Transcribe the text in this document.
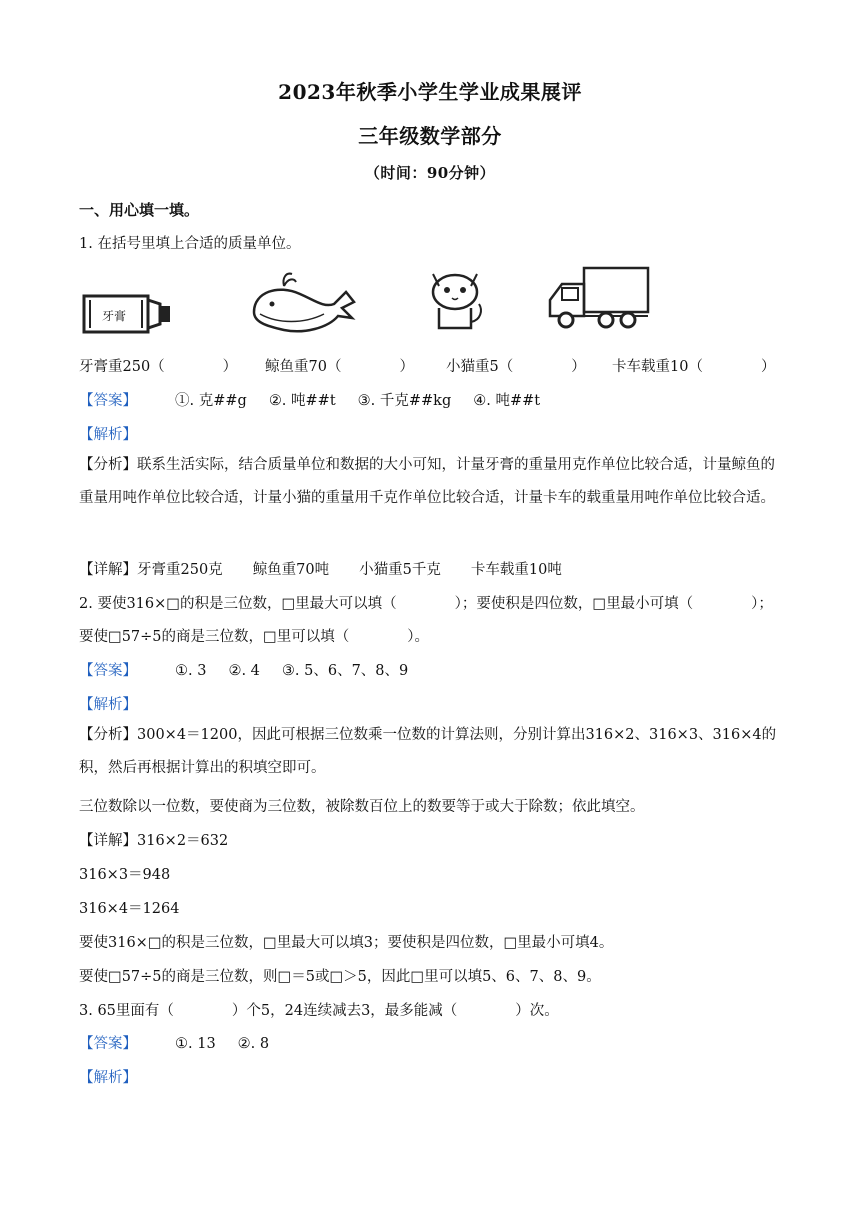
2023年秋季小学生学业成果展评
三年级数学部分
（时间：90分钟）
一、用心填一填。
1. 在括号里填上合适的质量单位。
牙膏
牙膏重250（　　　　） 鲸鱼重70（　　　　） 小猫重5（　　　　） 卡车载重10（　　　　）
【答案】	①. 克##g ②. 吨##t ③. 千克##kg ④. 吨##t
【解析】
【分析】联系生活实际，结合质量单位和数据的大小可知，计量牙膏的重量用克作单位比较合适，计量鲸鱼的重量用吨作单位比较合适，计量小猫的重量用千克作单位比较合适，计量卡车的载重量用吨作单位比较合适。
【详解】牙膏重250克 鲸鱼重70吨 小猫重5千克 卡车载重10吨
2. 要使316×□的积是三位数，□里最大可以填（　　　　）；要使积是四位数，□里最小可填（　　　　）；
要使□57÷5的商是三位数，□里可以填（　　　　）。
【答案】	①. 3 ②. 4 ③. 5、6、7、8、9
【解析】
【分析】300×4＝1200，因此可根据三位数乘一位数的计算法则，分别计算出316×2、316×3、316×4的积，然后再根据计算出的积填空即可。
三位数除以一位数，要使商为三位数，被除数百位上的数要等于或大于除数；依此填空。
【详解】316×2＝632
316×3＝948
316×4＝1264
要使316×□的积是三位数，□里最大可以填3；要使积是四位数，□里最小可填4。
要使□57÷5的商是三位数，则□＝5或□＞5，因此□里可以填5、6、7、8、9。
3. 65里面有（　　　　）个5，24连续减去3，最多能减（　　　　）次。
【答案】	①. 13 ②. 8
【解析】
